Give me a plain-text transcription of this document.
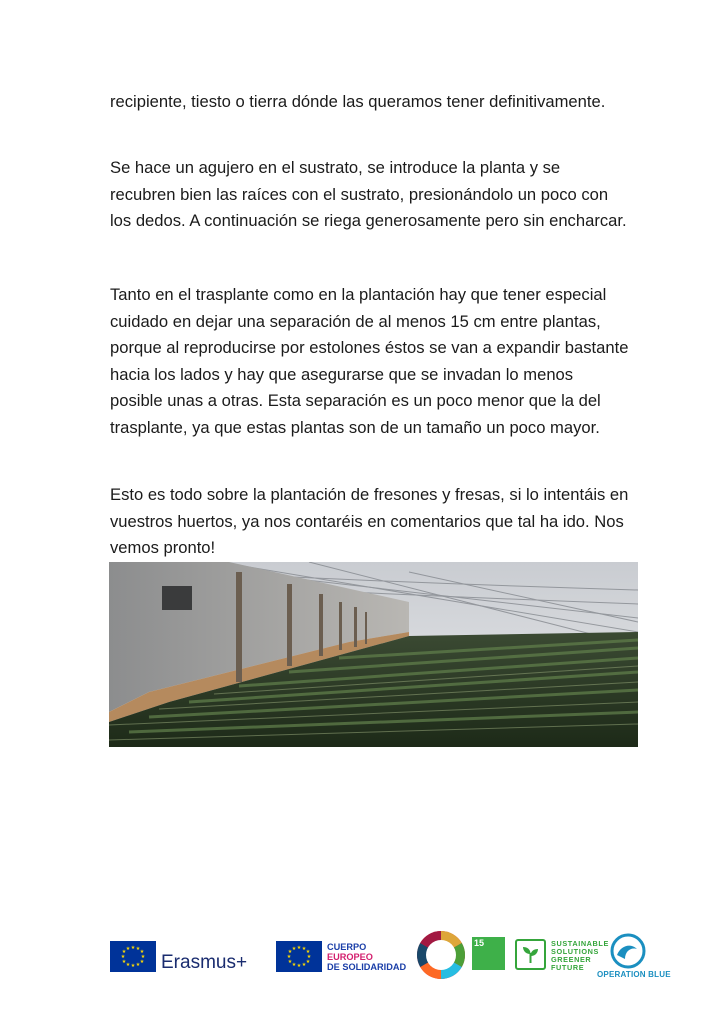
recipiente, tiesto o tierra dónde las queramos tener definitivamente.

Se hace un agujero en el sustrato, se introduce la planta y se recubren bien las raíces con el sustrato, presionándolo un poco con los dedos. A continuación se riega generosamente pero sin encharcar.

Tanto en el trasplante como en la plantación hay que tener especial cuidado en dejar una separación de al menos 15 cm entre plantas, porque al reproducirse por estolones éstos se van a expandir bastante hacia los lados y hay que asegurarse que se invadan lo menos posible unas a otras. Esta separación es un poco menor que la del trasplante, ya que estas plantas son de un tamaño un poco mayor.

Esto es todo sobre la plantación de fresones y fresas, si lo intentáis en vuestros huertos, ya nos contaréis en comentarios que tal ha ido. Nos vemos pronto!

★ ★ ★
★
★
★
★
★
★
★
★ ★
Erasmus+
★ ★ ★
★
★
★
★
★
★
★
★ ★	CUERPO
EUROPEO
DE SOLIDARIDAD
15	SUSTAINABLE
SOLUTIONS
GREENER
FUTURE
OPERATION BLUE
